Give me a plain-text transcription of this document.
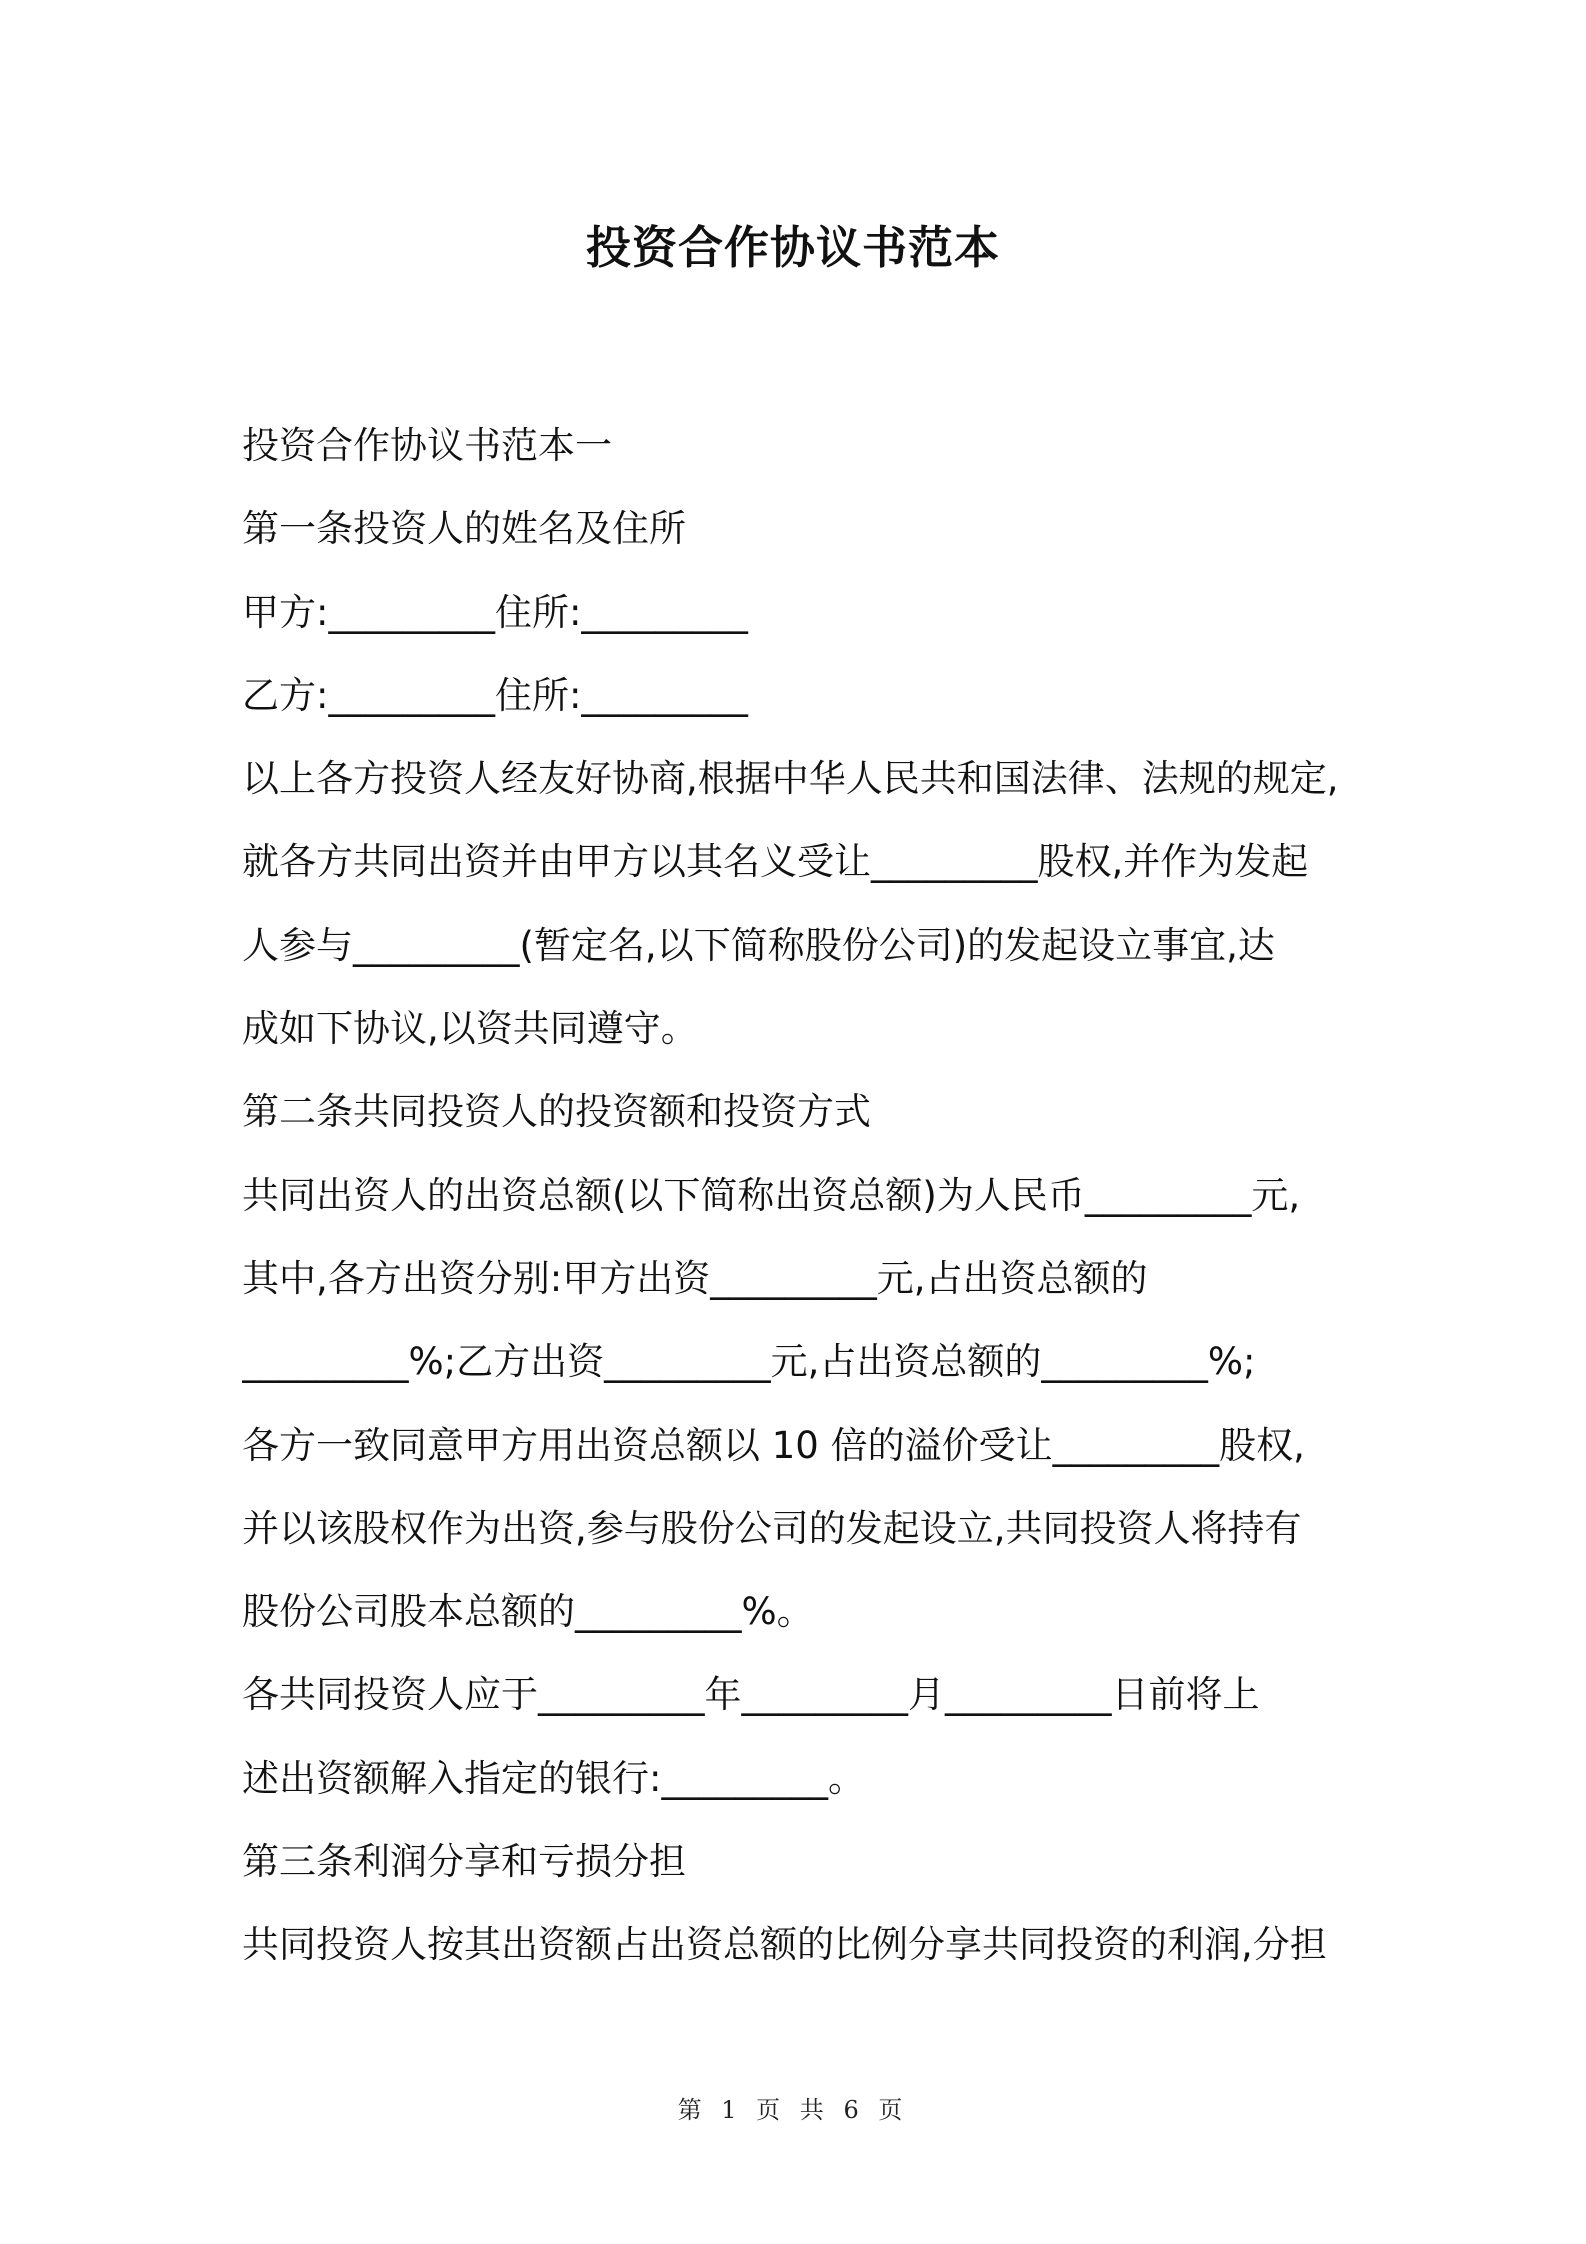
投资合作协议书范本
投资合作协议书范本一
第一条投资人的姓名及住所
甲方:_________住所:_________
乙方:_________住所:_________
以上各方投资人经友好协商,根据中华人民共和国法律、法规的规定,
就各方共同出资并由甲方以其名义受让_________股权,并作为发起
人参与_________(暂定名,以下简称股份公司)的发起设立事宜,达
成如下协议,以资共同遵守。
第二条共同投资人的投资额和投资方式
共同出资人的出资总额(以下简称出资总额)为人民币_________元,
其中,各方出资分别:甲方出资_________元,占出资总额的
_________%;乙方出资_________元,占出资总额的_________%;
各方一致同意甲方用出资总额以 10 倍的溢价受让_________股权,
并以该股权作为出资,参与股份公司的发起设立,共同投资人将持有
股份公司股本总额的_________%。
各共同投资人应于_________年_________月_________日前将上
述出资额解入指定的银行:_________。
第三条利润分享和亏损分担
共同投资人按其出资额占出资总额的比例分享共同投资的利润,分担
第 1 页 共 6 页
